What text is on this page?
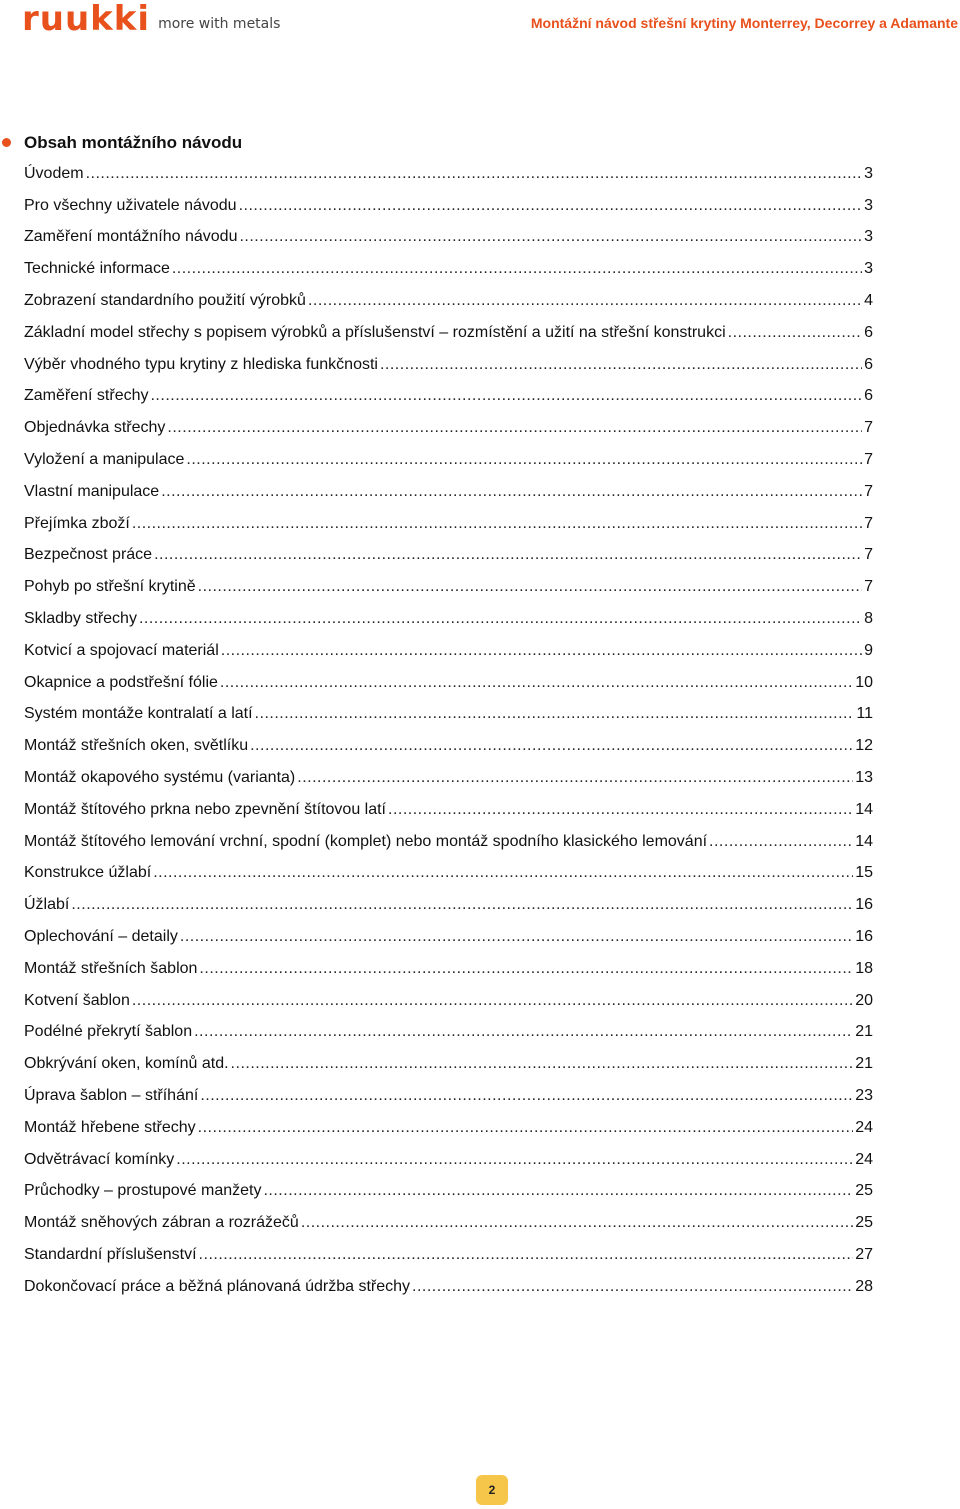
ruukki more with metals	Montážní návod střešní krytiny Monterrey, Decorrey a Adamante
Obsah montážního návodu
Úvodem .....	3
Pro všechny uživatele návodu .....	3
Zaměření montážního návodu .....	3
Technické informace .....	3
Zobrazení standardního použití výrobků .....	4
Základní model střechy s popisem výrobků a příslušenství – rozmístění a užití na střešní konstrukci .....	6
Výběr vhodného typu krytiny z hlediska funkčnosti .....	6
Zaměření střechy .....	6
Objednávka střechy .....	7
Vyložení a manipulace .....	7
Vlastní manipulace .....	7
Přejímka zboží .....	7
Bezpečnost práce .....	7
Pohyb po střešní krytině .....	7
Skladby střechy .....	8
Kotvicí a spojovací materiál .....	9
Okapnice a podstřešní fólie .....	10
Systém montáže kontralatí a latí .....	11
Montáž střešních oken, světlíku .....	12
Montáž okapového systému (varianta) .....	13
Montáž štítového prkna nebo zpevnění štítovou latí .....	14
Montáž štítového lemování vrchní, spodní (komplet) nebo montáž spodního klasického lemování .....	14
Konstrukce úžlabí .....	15
Úžlabí .....	16
Oplechování – detaily .....	16
Montáž střešních šablon .....	18
Kotvení šablon .....	20
Podélné překrytí šablon .....	21
Obkrývání oken, komínů atd. .....	21
Úprava šablon – stříhání .....	23
Montáž hřebene střechy .....	24
Odvětrávací komínky .....	24
Průchodky – prostupové manžety .....	25
Montáž sněhových zábran a rozrážečů .....	25
Standardní příslušenství .....	27
Dokončovací práce a běžná plánovaná údržba střechy .....	28
2
